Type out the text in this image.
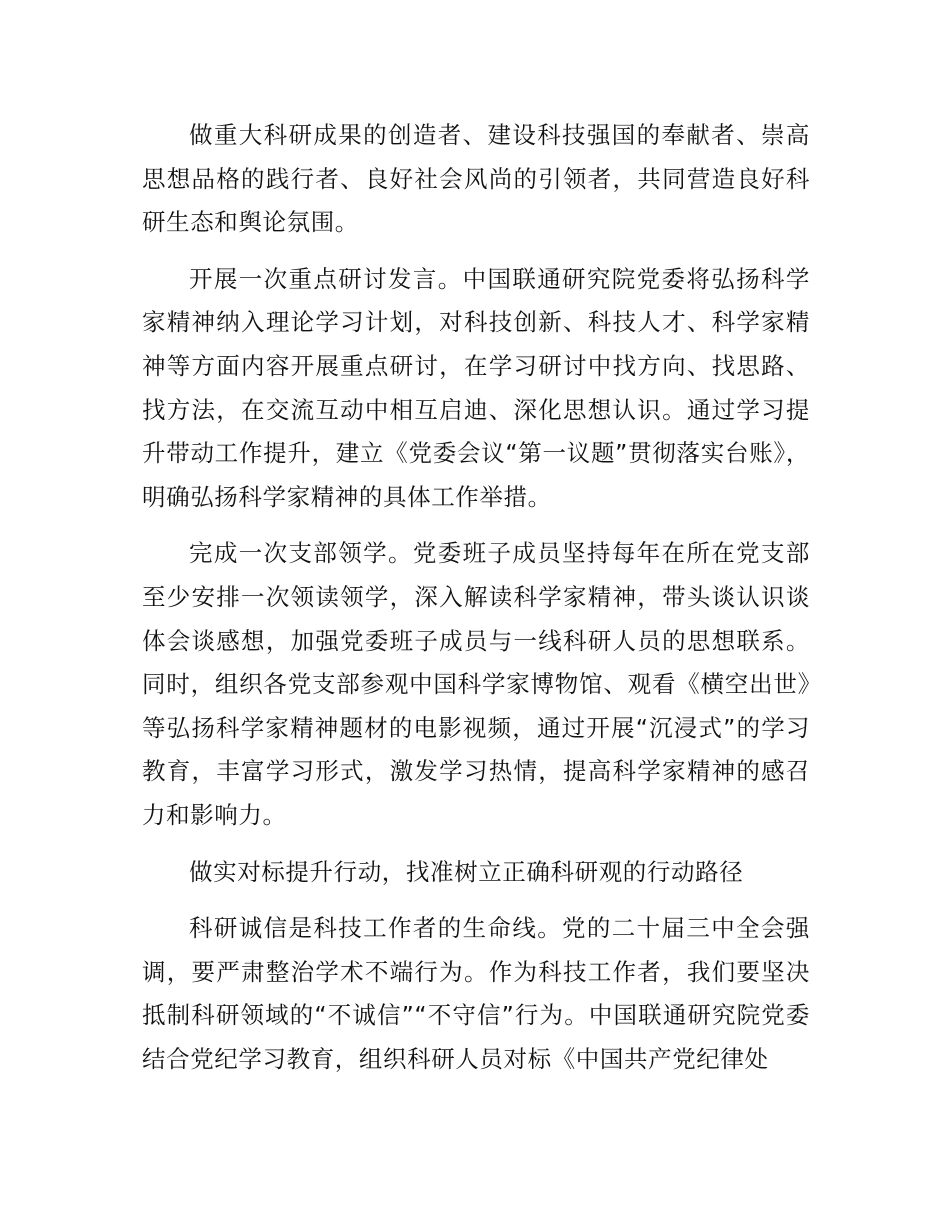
做重大科研成果的创造者、建设科技强国的奉献者、崇高思想品格的践行者、良好社会风尚的引领者，共同营造良好科研生态和舆论氛围。

开展一次重点研讨发言。中国联通研究院党委将弘扬科学家精神纳入理论学习计划，对科技创新、科技人才、科学家精神等方面内容开展重点研讨，在学习研讨中找方向、找思路、找方法，在交流互动中相互启迪、深化思想认识。通过学习提升带动工作提升，建立《党委会议“第一议题”贯彻落实台账》，明确弘扬科学家精神的具体工作举措。

完成一次支部领学。党委班子成员坚持每年在所在党支部至少安排一次领读领学，深入解读科学家精神，带头谈认识谈体会谈感想，加强党委班子成员与一线科研人员的思想联系。同时，组织各党支部参观中国科学家博物馆、观看《横空出世》等弘扬科学家精神题材的电影视频，通过开展“沉浸式”的学习教育，丰富学习形式，激发学习热情，提高科学家精神的感召力和影响力。

做实对标提升行动，找准树立正确科研观的行动路径

科研诚信是科技工作者的生命线。党的二十届三中全会强调，要严肃整治学术不端行为。作为科技工作者，我们要坚决抵制科研领域的“不诚信”“不守信”行为。中国联通研究院党委结合党纪学习教育，组织科研人员对标《中国共产党纪律处
